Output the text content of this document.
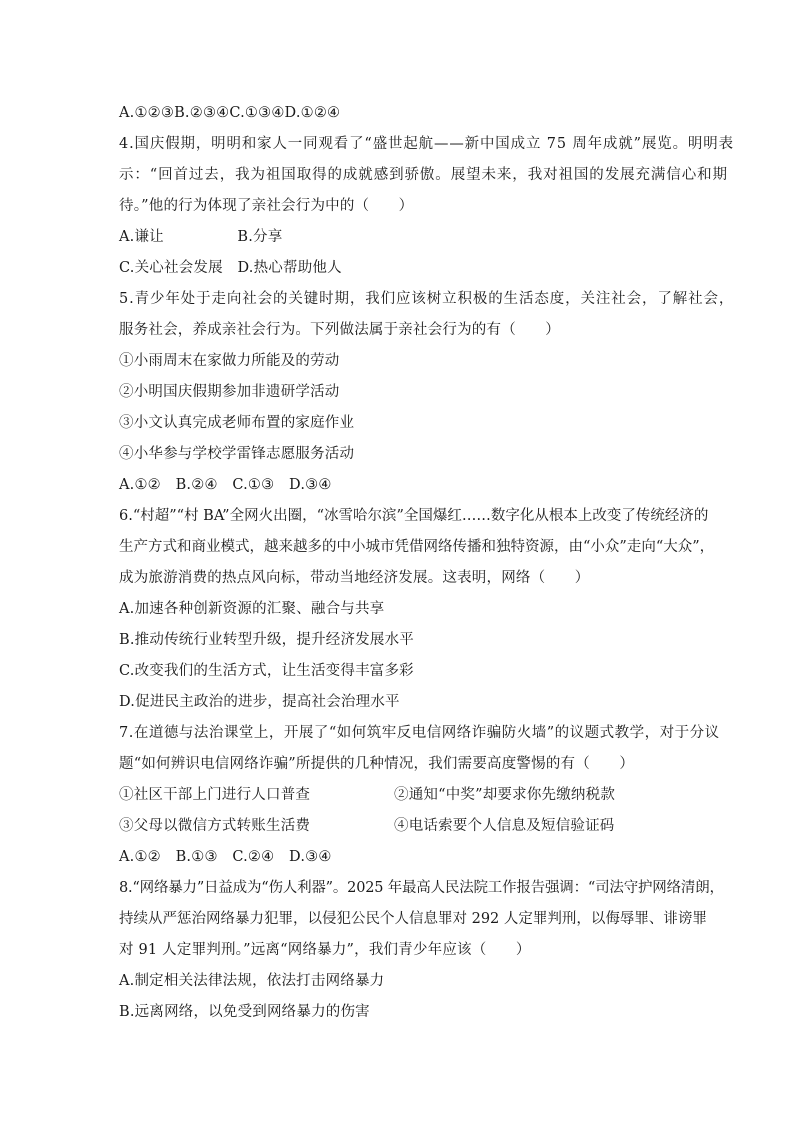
A.①②③B.②③④C.①③④D.①②④
4.国庆假期，明明和家人一同观看了“盛世起航——新中国成立 75 周年成就”展览。明明表
示：“回首过去，我为祖国取得的成就感到骄傲。展望未来，我对祖国的发展充满信心和期
待。”他的行为体现了亲社会行为中的（　　）
A.谦让　　　　　B.分享
C.关心社会发展　D.热心帮助他人
5.青少年处于走向社会的关键时期，我们应该树立积极的生活态度，关注社会，了解社会，
服务社会，养成亲社会行为。下列做法属于亲社会行为的有（　　）
①小雨周末在家做力所能及的劳动
②小明国庆假期参加非遗研学活动
③小文认真完成老师布置的家庭作业
④小华参与学校学雷锋志愿服务活动
A.①②　B.②④　C.①③　D.③④
6.“村超”“村 BA”全网火出圈，“冰雪哈尔滨”全国爆红……数字化从根本上改变了传统经济的
生产方式和商业模式，越来越多的中小城市凭借网络传播和独特资源，由“小众”走向“大众”，
成为旅游消费的热点风向标，带动当地经济发展。这表明，网络（　　）
A.加速各种创新资源的汇聚、融合与共享
B.推动传统行业转型升级，提升经济发展水平
C.改变我们的生活方式，让生活变得丰富多彩
D.促进民主政治的进步，提高社会治理水平
7.在道德与法治课堂上，开展了“如何筑牢反电信网络诈骗防火墙”的议题式教学，对于分议
题“如何辨识电信网络诈骗”所提供的几种情况，我们需要高度警惕的有（　　）
①社区干部上门进行人口普查	②通知“中奖”却要求你先缴纳税款
③父母以微信方式转账生活费	④电话索要个人信息及短信验证码
A.①②　B.①③　C.②④　D.③④
8.“网络暴力”日益成为“伤人利器”。2025 年最高人民法院工作报告强调：“司法守护网络清朗，
持续从严惩治网络暴力犯罪，以侵犯公民个人信息罪对 292 人定罪判刑，以侮辱罪、诽谤罪
对 91 人定罪判刑。”远离“网络暴力”，我们青少年应该（　　）
A.制定相关法律法规，依法打击网络暴力
B.远离网络，以免受到网络暴力的伤害
